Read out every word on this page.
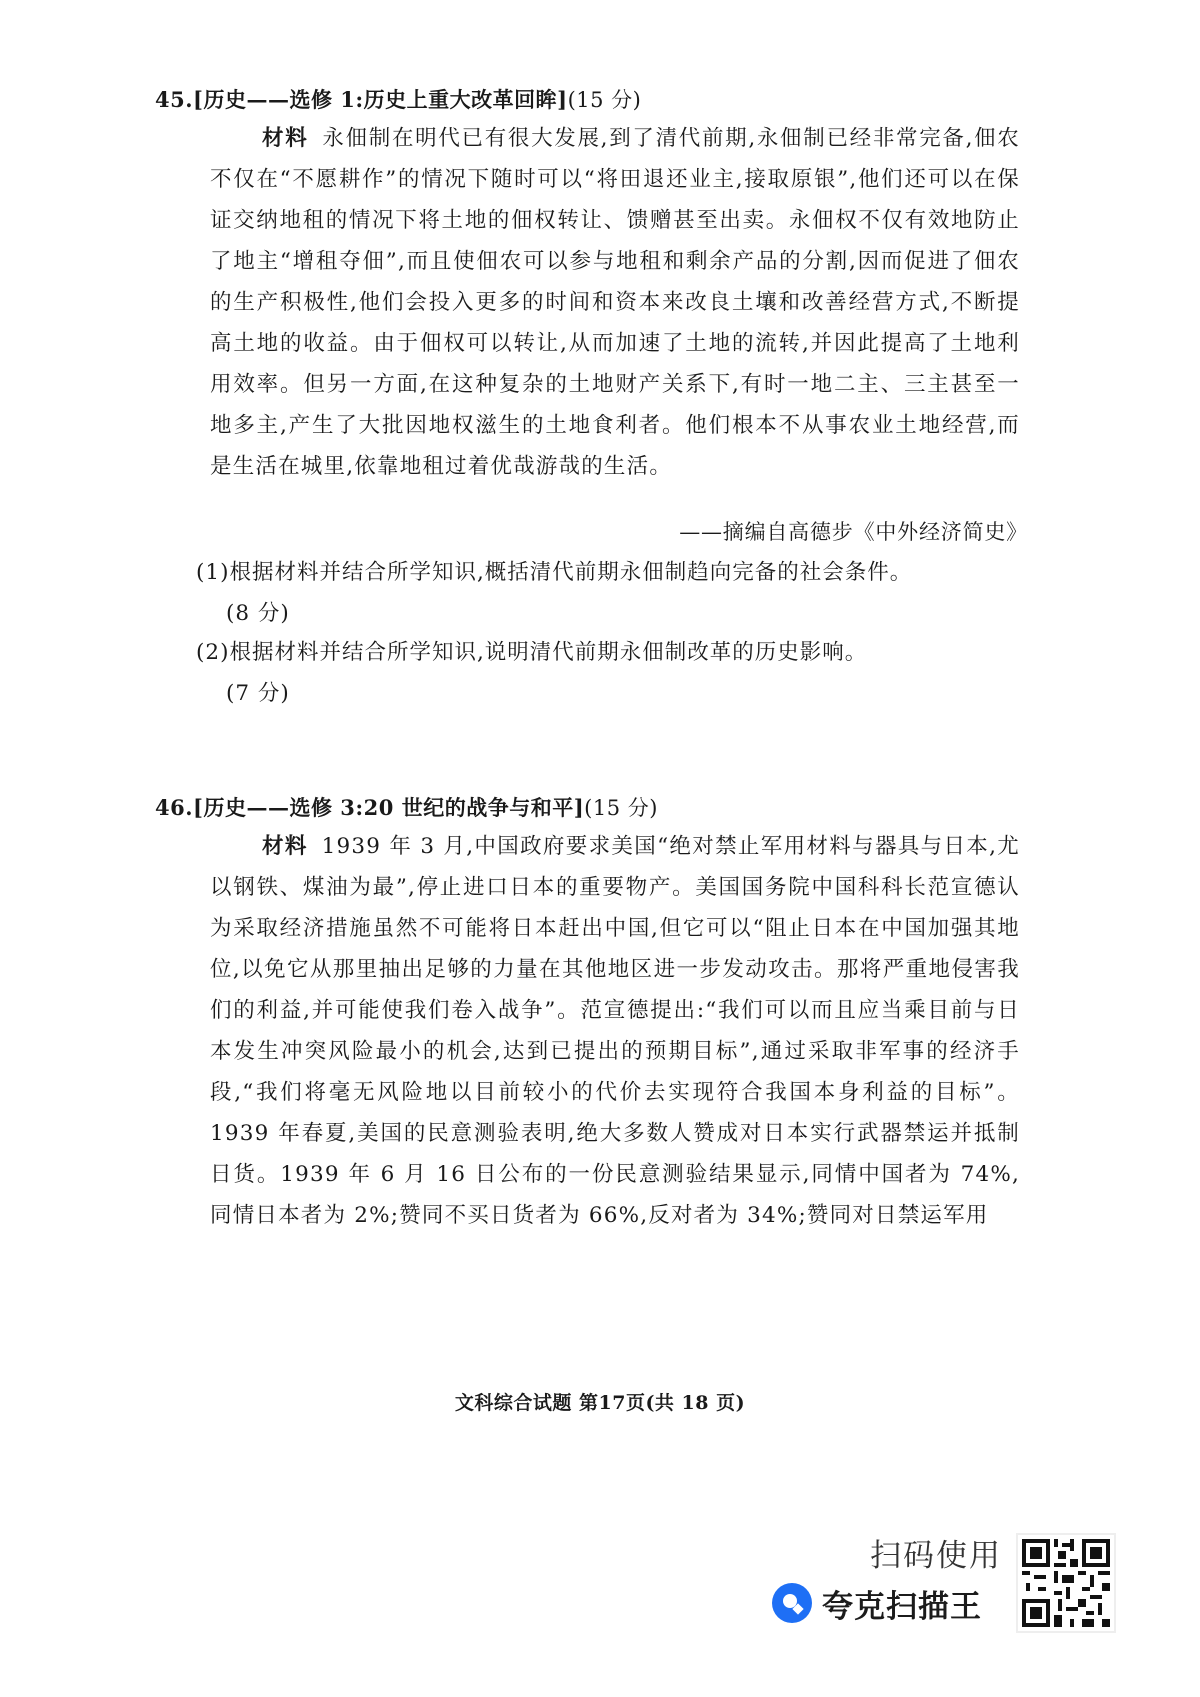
45.[历史——选修 1:历史上重大改革回眸](15 分)
材料 永佃制在明代已有很大发展,到了清代前期,永佃制已经非常完备,佃农不仅在“不愿耕作”的情况下随时可以“将田退还业主,接取原银”,他们还可以在保证交纳地租的情况下将土地的佃权转让、馈赠甚至出卖。永佃权不仅有效地防止了地主“增租夺佃”,而且使佃农可以参与地租和剩余产品的分割,因而促进了佃农的生产积极性,他们会投入更多的时间和资本来改良土壤和改善经营方式,不断提高土地的收益。由于佃权可以转让,从而加速了土地的流转,并因此提高了土地利用效率。但另一方面,在这种复杂的土地财产关系下,有时一地二主、三主甚至一地多主,产生了大批因地权滋生的土地食利者。他们根本不从事农业土地经营,而是生活在城里,依靠地租过着优哉游哉的生活。
——摘编自高德步《中外经济简史》
(1)根据材料并结合所学知识,概括清代前期永佃制趋向完备的社会条件。
(8 分)
(2)根据材料并结合所学知识,说明清代前期永佃制改革的历史影响。
(7 分)
46.[历史——选修 3:20 世纪的战争与和平](15 分)
材料 1939 年 3 月,中国政府要求美国“绝对禁止军用材料与器具与日本,尤以钢铁、煤油为最”,停止进口日本的重要物产。美国国务院中国科科长范宣德认为采取经济措施虽然不可能将日本赶出中国,但它可以“阻止日本在中国加强其地位,以免它从那里抽出足够的力量在其他地区进一步发动攻击。那将严重地侵害我们的利益,并可能使我们卷入战争”。范宣德提出:“我们可以而且应当乘目前与日本发生冲突风险最小的机会,达到已提出的预期目标”,通过采取非军事的经济手段,“我们将毫无风险地以目前较小的代价去实现符合我国本身利益的目标”。1939 年春夏,美国的民意测验表明,绝大多数人赞成对日本实行武器禁运并抵制日货。1939 年 6 月 16 日公布的一份民意测验结果显示,同情中国者为 74%,同情日本者为 2%;赞同不买日货者为 66%,反对者为 34%;赞同对日禁运军用
文科综合试题 第17页(共 18 页)
扫码使用
夸克扫描王
